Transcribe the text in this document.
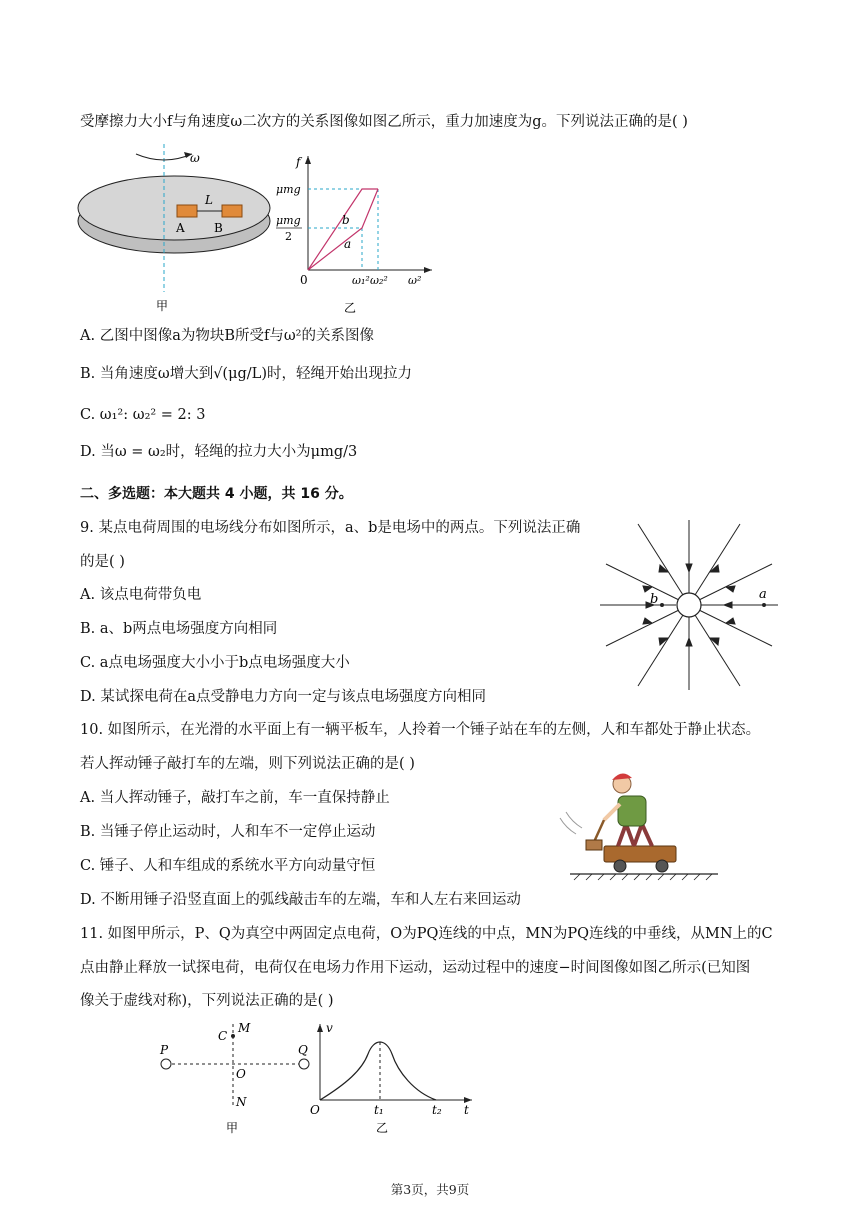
受摩擦力大小f与角速度ω二次方的关系图像如图乙所示，重力加速度为g。下列说法正确的是( )
ω
L
A B
甲
f
μmg
μmg
2
b
a
0	ω₁² ω₂² ω²
乙
A. 乙图中图像a为物块B所受f与ω²的关系图像
B. 当角速度ω增大到√(μg/L)时，轻绳开始出现拉力
C. ω₁²: ω₂² = 2: 3
D. 当ω = ω₂时，轻绳的拉力大小为μmg/3
二、多选题：本大题共 4 小题，共 16 分。
9. 某点电荷周围的电场线分布如图所示，a、b是电场中的两点。下列说法正确
的是( )
A. 该点电荷带负电
B. a、b两点电场强度方向相同
C. a点电场强度大小小于b点电场强度大小
D. 某试探电荷在a点受静电力方向一定与该点电场强度方向相同
b	a
10. 如图所示，在光滑的水平面上有一辆平板车，人拎着一个锤子站在车的左侧，人和车都处于静止状态。
若人挥动锤子敲打车的左端，则下列说法正确的是( )
A. 当人挥动锤子，敲打车之前，车一直保持静止
B. 当锤子停止运动时，人和车不一定停止运动
C. 锤子、人和车组成的系统水平方向动量守恒
D. 不断用锤子沿竖直面上的弧线敲击车的左端，车和人左右来回运动
11. 如图甲所示，P、Q为真空中两固定点电荷，O为PQ连线的中点，MN为PQ连线的中垂线，从MN上的C
点由静止释放一试探电荷，电荷仅在电场力作用下运动，运动过程中的速度−时间图像如图乙所示(已知图
像关于虚线对称)，下列说法正确的是( )
P	Q
C
M
O
N
甲
v
O	t₁	t₂ t
乙
第3页，共9页
